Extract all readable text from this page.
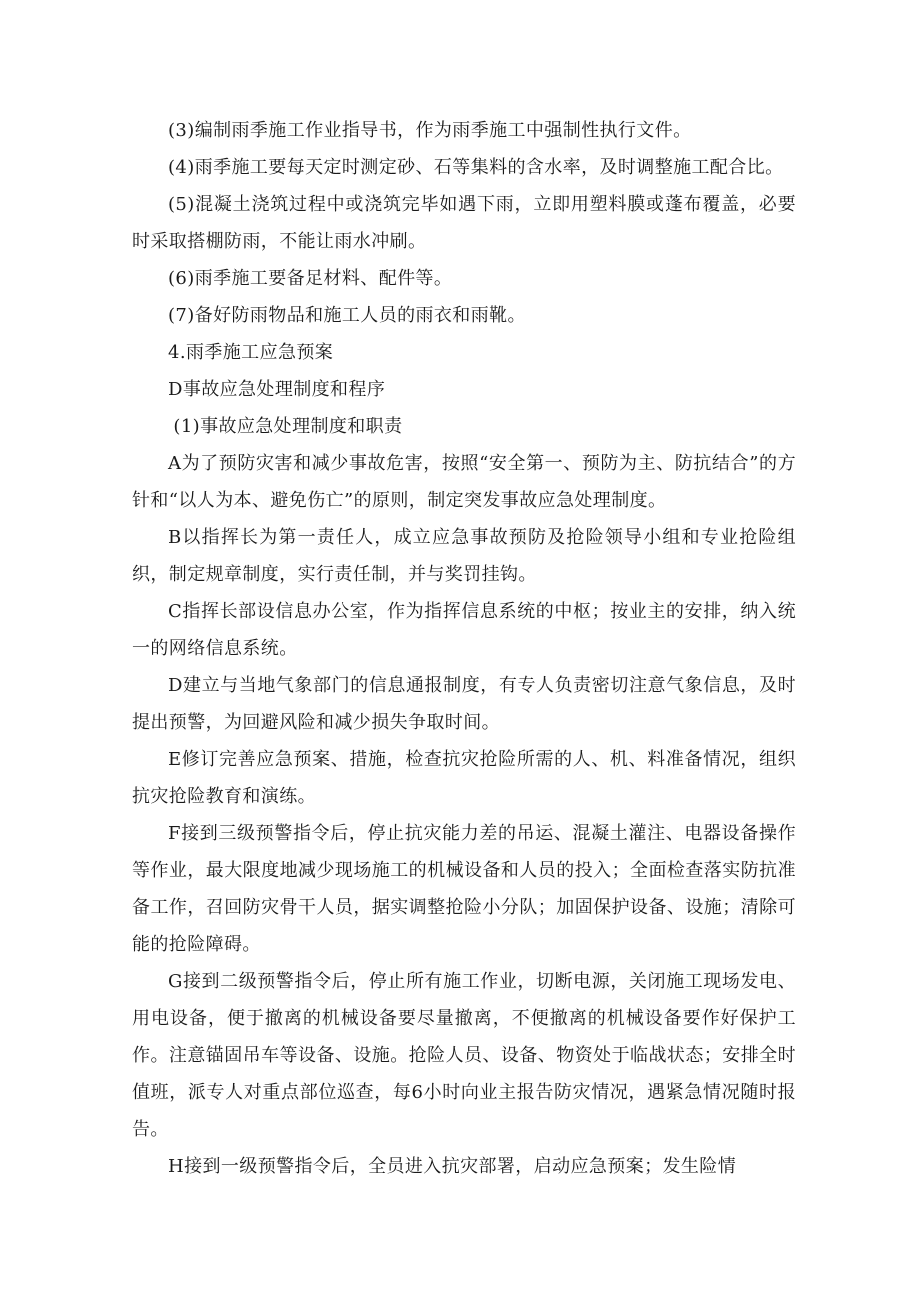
(3)编制雨季施工作业指导书，作为雨季施工中强制性执行文件。

(4)雨季施工要每天定时测定砂、石等集料的含水率，及时调整施工配合比。

(5)混凝土浇筑过程中或浇筑完毕如遇下雨，立即用塑料膜或蓬布覆盖，必要时采取搭棚防雨，不能让雨水冲刷。

(6)雨季施工要备足材料、配件等。

(7)备好防雨物品和施工人员的雨衣和雨靴。

4.雨季施工应急预案

D事故应急处理制度和程序

(1)事故应急处理制度和职责

A为了预防灾害和减少事故危害，按照“安全第一、预防为主、防抗结合”的方针和“以人为本、避免伤亡”的原则，制定突发事故应急处理制度。

B以指挥长为第一责任人，成立应急事故预防及抢险领导小组和专业抢险组织，制定规章制度，实行责任制，并与奖罚挂钩。

C指挥长部设信息办公室，作为指挥信息系统的中枢；按业主的安排，纳入统一的网络信息系统。

D建立与当地气象部门的信息通报制度，有专人负责密切注意气象信息，及时提出预警，为回避风险和减少损失争取时间。

E修订完善应急预案、措施，检查抗灾抢险所需的人、机、料准备情况，组织抗灾抢险教育和演练。

F接到三级预警指令后，停止抗灾能力差的吊运、混凝土灌注、电器设备操作等作业，最大限度地减少现场施工的机械设备和人员的投入；全面检查落实防抗准备工作，召回防灾骨干人员，据实调整抢险小分队；加固保护设备、设施；清除可能的抢险障碍。

G接到二级预警指令后，停止所有施工作业，切断电源，关闭施工现场发电、用电设备，便于撤离的机械设备要尽量撤离，不便撤离的机械设备要作好保护工作。注意锚固吊车等设备、设施。抢险人员、设备、物资处于临战状态；安排全时值班，派专人对重点部位巡查，每6小时向业主报告防灾情况，遇紧急情况随时报告。

H接到一级预警指令后，全员进入抗灾部署，启动应急预案；发生险情
